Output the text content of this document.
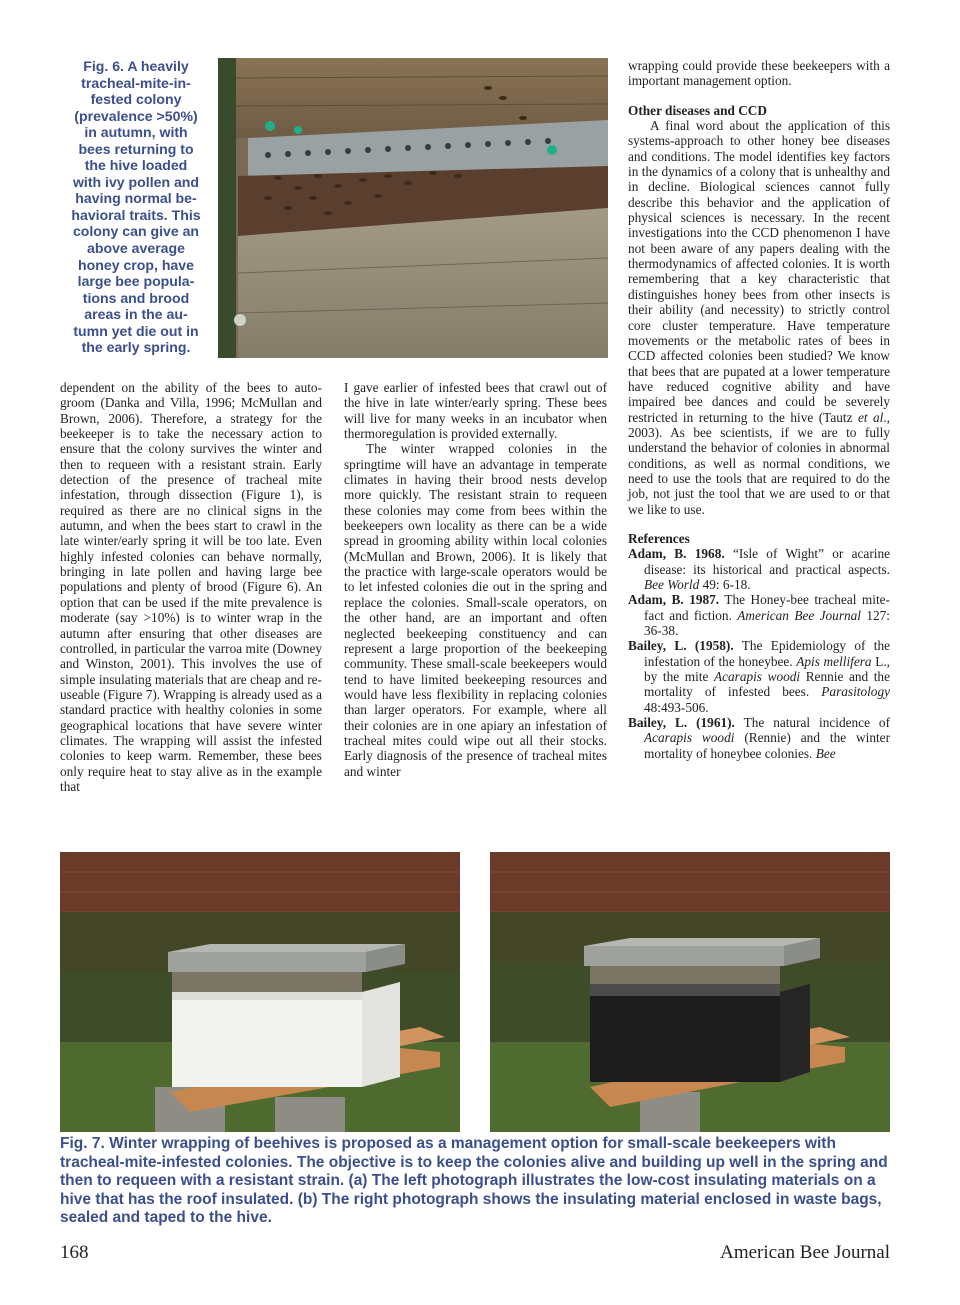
Fig. 6. A heavily
tracheal-mite-in-
fested colony
(prevalence >50%)
in autumn, with
bees returning to
the hive loaded
with ivy pollen and
having normal be-
havioral traits. This
colony can give an
above average
honey crop, have
large bee popula-
tions and brood
areas in the au-
tumn yet die out in
the early spring.

dependent on the ability of the bees to auto-groom (Danka and Villa, 1996; McMullan and Brown, 2006). Therefore, a strategy for the beekeeper is to take the necessary action to ensure that the colony survives the winter and then to requeen with a resistant strain. Early detection of the presence of tracheal mite infestation, through dissection (Figure 1), is required as there are no clinical signs in the autumn, and when the bees start to crawl in the late winter/early spring it will be too late. Even highly infested colonies can behave normally, bringing in late pollen and having large bee populations and plenty of brood (Figure 6). An option that can be used if the mite prevalence is moderate (say >10%) is to winter wrap in the autumn after ensuring that other diseases are controlled, in particular the varroa mite (Downey and Winston, 2001). This involves the use of simple insulating materials that are cheap and re-useable (Figure 7). Wrapping is already used as a standard practice with healthy colonies in some geographical locations that have severe winter climates. The wrapping will assist the infested colonies to keep warm. Remember, these bees only require heat to stay alive as in the example that

I gave earlier of infested bees that crawl out of the hive in late winter/early spring. These bees will live for many weeks in an incubator when thermoregulation is provided externally.

The winter wrapped colonies in the springtime will have an advantage in temperate climates in having their brood nests develop more quickly. The resistant strain to requeen these colonies may come from bees within the beekeepers own locality as there can be a wide spread in grooming ability within local colonies (McMullan and Brown, 2006). It is likely that the practice with large-scale operators would be to let infested colonies die out in the spring and replace the colonies. Small-scale operators, on the other hand, are an important and often neglected beekeeping constituency and can represent a large proportion of the beekeeping community. These small-scale beekeepers would tend to have limited beekeeping resources and would have less flexibility in replacing colonies than larger operators. For example, where all their colonies are in one apiary an infestation of tracheal mites could wipe out all their stocks. Early diagnosis of the presence of tracheal mites and winter

wrapping could provide these beekeepers with a important management option.

Other diseases and CCD

A final word about the application of this systems-approach to other honey bee diseases and conditions. The model identifies key factors in the dynamics of a colony that is unhealthy and in decline. Biological sciences cannot fully describe this behavior and the application of physical sciences is necessary. In the recent investigations into the CCD phenomenon I have not been aware of any papers dealing with the thermodynamics of affected colonies. It is worth remembering that a key characteristic that distinguishes honey bees from other insects is their ability (and necessity) to strictly control core cluster temperature. Have temperature movements or the metabolic rates of bees in CCD affected colonies been studied? We know that bees that are pupated at a lower temperature have reduced cognitive ability and have impaired bee dances and could be severely restricted in returning to the hive (Tautz et al., 2003). As bee scientists, if we are to fully understand the behavior of colonies in abnormal conditions, as well as normal conditions, we need to use the tools that are required to do the job, not just the tool that we are used to or that we like to use.

References

Adam, B. 1968. “Isle of Wight” or acarine disease: its historical and practical aspects. Bee World 49: 6-18.

Adam, B. 1987. The Honey-bee tracheal mite- fact and fiction. American Bee Journal 127: 36-38.

Bailey, L. (1958). The Epidemiology of the infestation of the honeybee. Apis mellifera L., by the mite Acarapis woodi Rennie and the mortality of infested bees. Parasitology 48:493-506.

Bailey, L. (1961). The natural incidence of Acarapis woodi (Rennie) and the winter mortality of honeybee colonies. Bee

Fig. 7. Winter wrapping of beehives is proposed as a management option for small-scale beekeepers with tracheal-mite-infested colonies. The objective is to keep the colonies alive and building up well in the spring and then to requeen with a resistant strain. (a) The left photograph illustrates the low-cost insulating materials on a hive that has the roof insulated. (b) The right photograph shows the insulating material enclosed in waste bags, sealed and taped to the hive.
168	American Bee Journal
